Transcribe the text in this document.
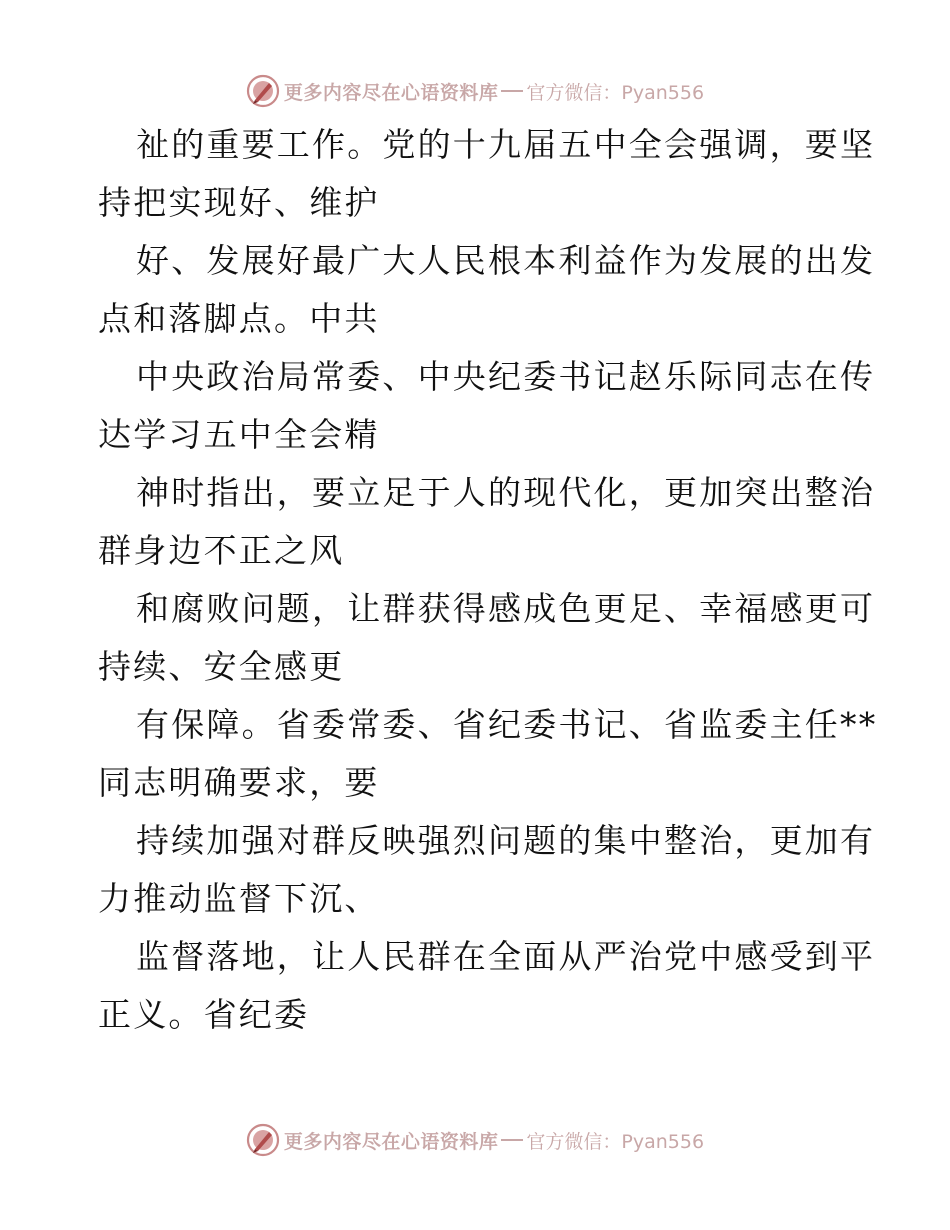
更多内容尽在心语资料库 官方微信：Pyan556

祉的重要工作。党的十九届五中全会强调，要坚
持把实现好、维护

好、发展好最广大人民根本利益作为发展的出发
点和落脚点。中共

中央政治局常委、中央纪委书记赵乐际同志在传
达学习五中全会精

神时指出，要立足于人的现代化，更加突出整治
群身边不正之风

和腐败问题，让群获得感成色更足、幸福感更可
持续、安全感更

有保障。省委常委、省纪委书记、省监委主任**
同志明确要求，要

持续加强对群反映强烈问题的集中整治，更加有
力推动监督下沉、

监督落地，让人民群在全面从严治党中感受到平
正义。省纪委

更多内容尽在心语资料库 官方微信：Pyan556
